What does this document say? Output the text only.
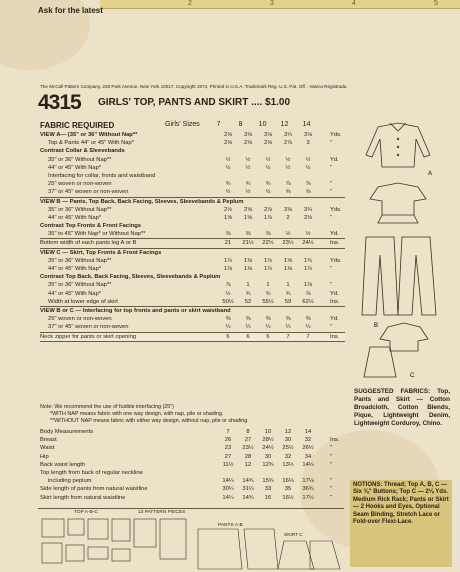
2	3	4	5
Ask for the latest
The McCall Pattern Company, 230 Park Avenue, New York 10017. Copyright 1974, Printed in U.S.A. Trademark Reg. U.S. Pat. Off. - Marca Registrada
4315 GIRLS' TOP, PANTS AND SKIRT .... $1.00
FABRIC REQUIRED	Girls' Sizes 7	8 10 12 14
VIEW A— (35" or 36" Without Nap**	2⅛ 3⅛ 3⅛ 3¼ 3⅛	Yds.
Top & Pants 44" or 45" With Nap*	2⅛ 2⅛ 2⅛ 2⅞ 3	"
Contrast Collar & Sleevebands
35" or 36" Without Nap**	½	½	½	½	½	Yd.
44" or 45" With Nap*	½	½	½	½	½	"
Interfacing for collar, fronts and waistband
25" woven or non-woven	¾	¾	¾	⅞	⅞	"
37" or 45" woven or non-woven	½	½	½	⅝	⅝	"
VIEW B — Pants, Top Back, Back Facing, Sleeves, Sleevebands & Peplum
35" or 36" Without Nap**	2½ 2⅝ 2⅞ 3⅛ 3¼	Yds.
44" or 45" With Nap*	1⅝ 1⅝ 1⅞ 2 2⅛	"
Contrast Top Fronts & Front Facings
35" to 45" With Nap* or Without Nap**	⅜	⅜	⅜	½	½	Yd.
Bottom width of each pants leg A or B	21 21½ 22½ 23½ 24½	Ins.
VIEW C — Skirt, Top Fronts & Front Facings
35" or 36" Without Nap**	1¼ 1⅜ 1½ 1⅝ 1¾	Yds.
44" or 45" With Nap*	1⅛ 1⅛ 1¼ 1⅛ 1¼	"
Contrast Top Back, Back Facing, Sleeves, Sleevebands & Peplum
35" or 36" Without Nap**	⅞	1	1	1 1⅛	"
44" or 45" With Nap*	½	¾	¾	¾	⅞	Yd.
Width at lower edge of skirt	50½ 52 55½ 59 62½	Ins.
VIEW B or C — Interfacing for top fronts and pants or skirt waistband
25" woven or non-woven	⅜	⅜	⅜	⅜	⅜	Yd.
37" or 45" woven or non-woven	¼	¼	¼	¼	¼	"
Neck zipper for pants or skirt opening	6	6	6	7	7	Ins.
Note: We recommend the use of fusible interfacing (25")
*WITH NAP means fabric with one way design, with nap, pile or shading.
**WITHOUT NAP means fabric with either way design, without nap, pile or shading.
Body Measurements	7	8	10 12 14
Breast	26 27 28½ 30 32	Ins.
Waist	23 23½ 24½ 25½ 26½	"
Hip	27 28 30 32 34	"
Back waist length	11½ 12 12¾ 13½ 14¼	"
Top length from back of regular neckline
including peplum	14¼ 14¾ 15¾ 16⅛ 17⅛	"
Side length of pants from natural waistline	30¼ 31¼ 33 35 36¾	"
Skirt length from natural waistline	14¼ 14¾ 16 16½ 17½	"
A
B
C
SUGGESTED FABRICS: Top, Pants and Skirt — Cotton Broadcloth, Cotton Blends, Pique, Lightweight Denim, Lightweight Corduroy, Chino.
NOTIONS: Thread; Top A, B, C — Six ⅜" Buttons; Top C — 2⅛ Yds. Medium Rick Rack; Pants or Skirt — 2 Hooks and Eyes, Optional Seam Binding, Stretch Lace or Fold-over Flexi-Lace.
TOP A-B-C	13 PATTERN PIECES
PANTS A-B
SKIRT C
